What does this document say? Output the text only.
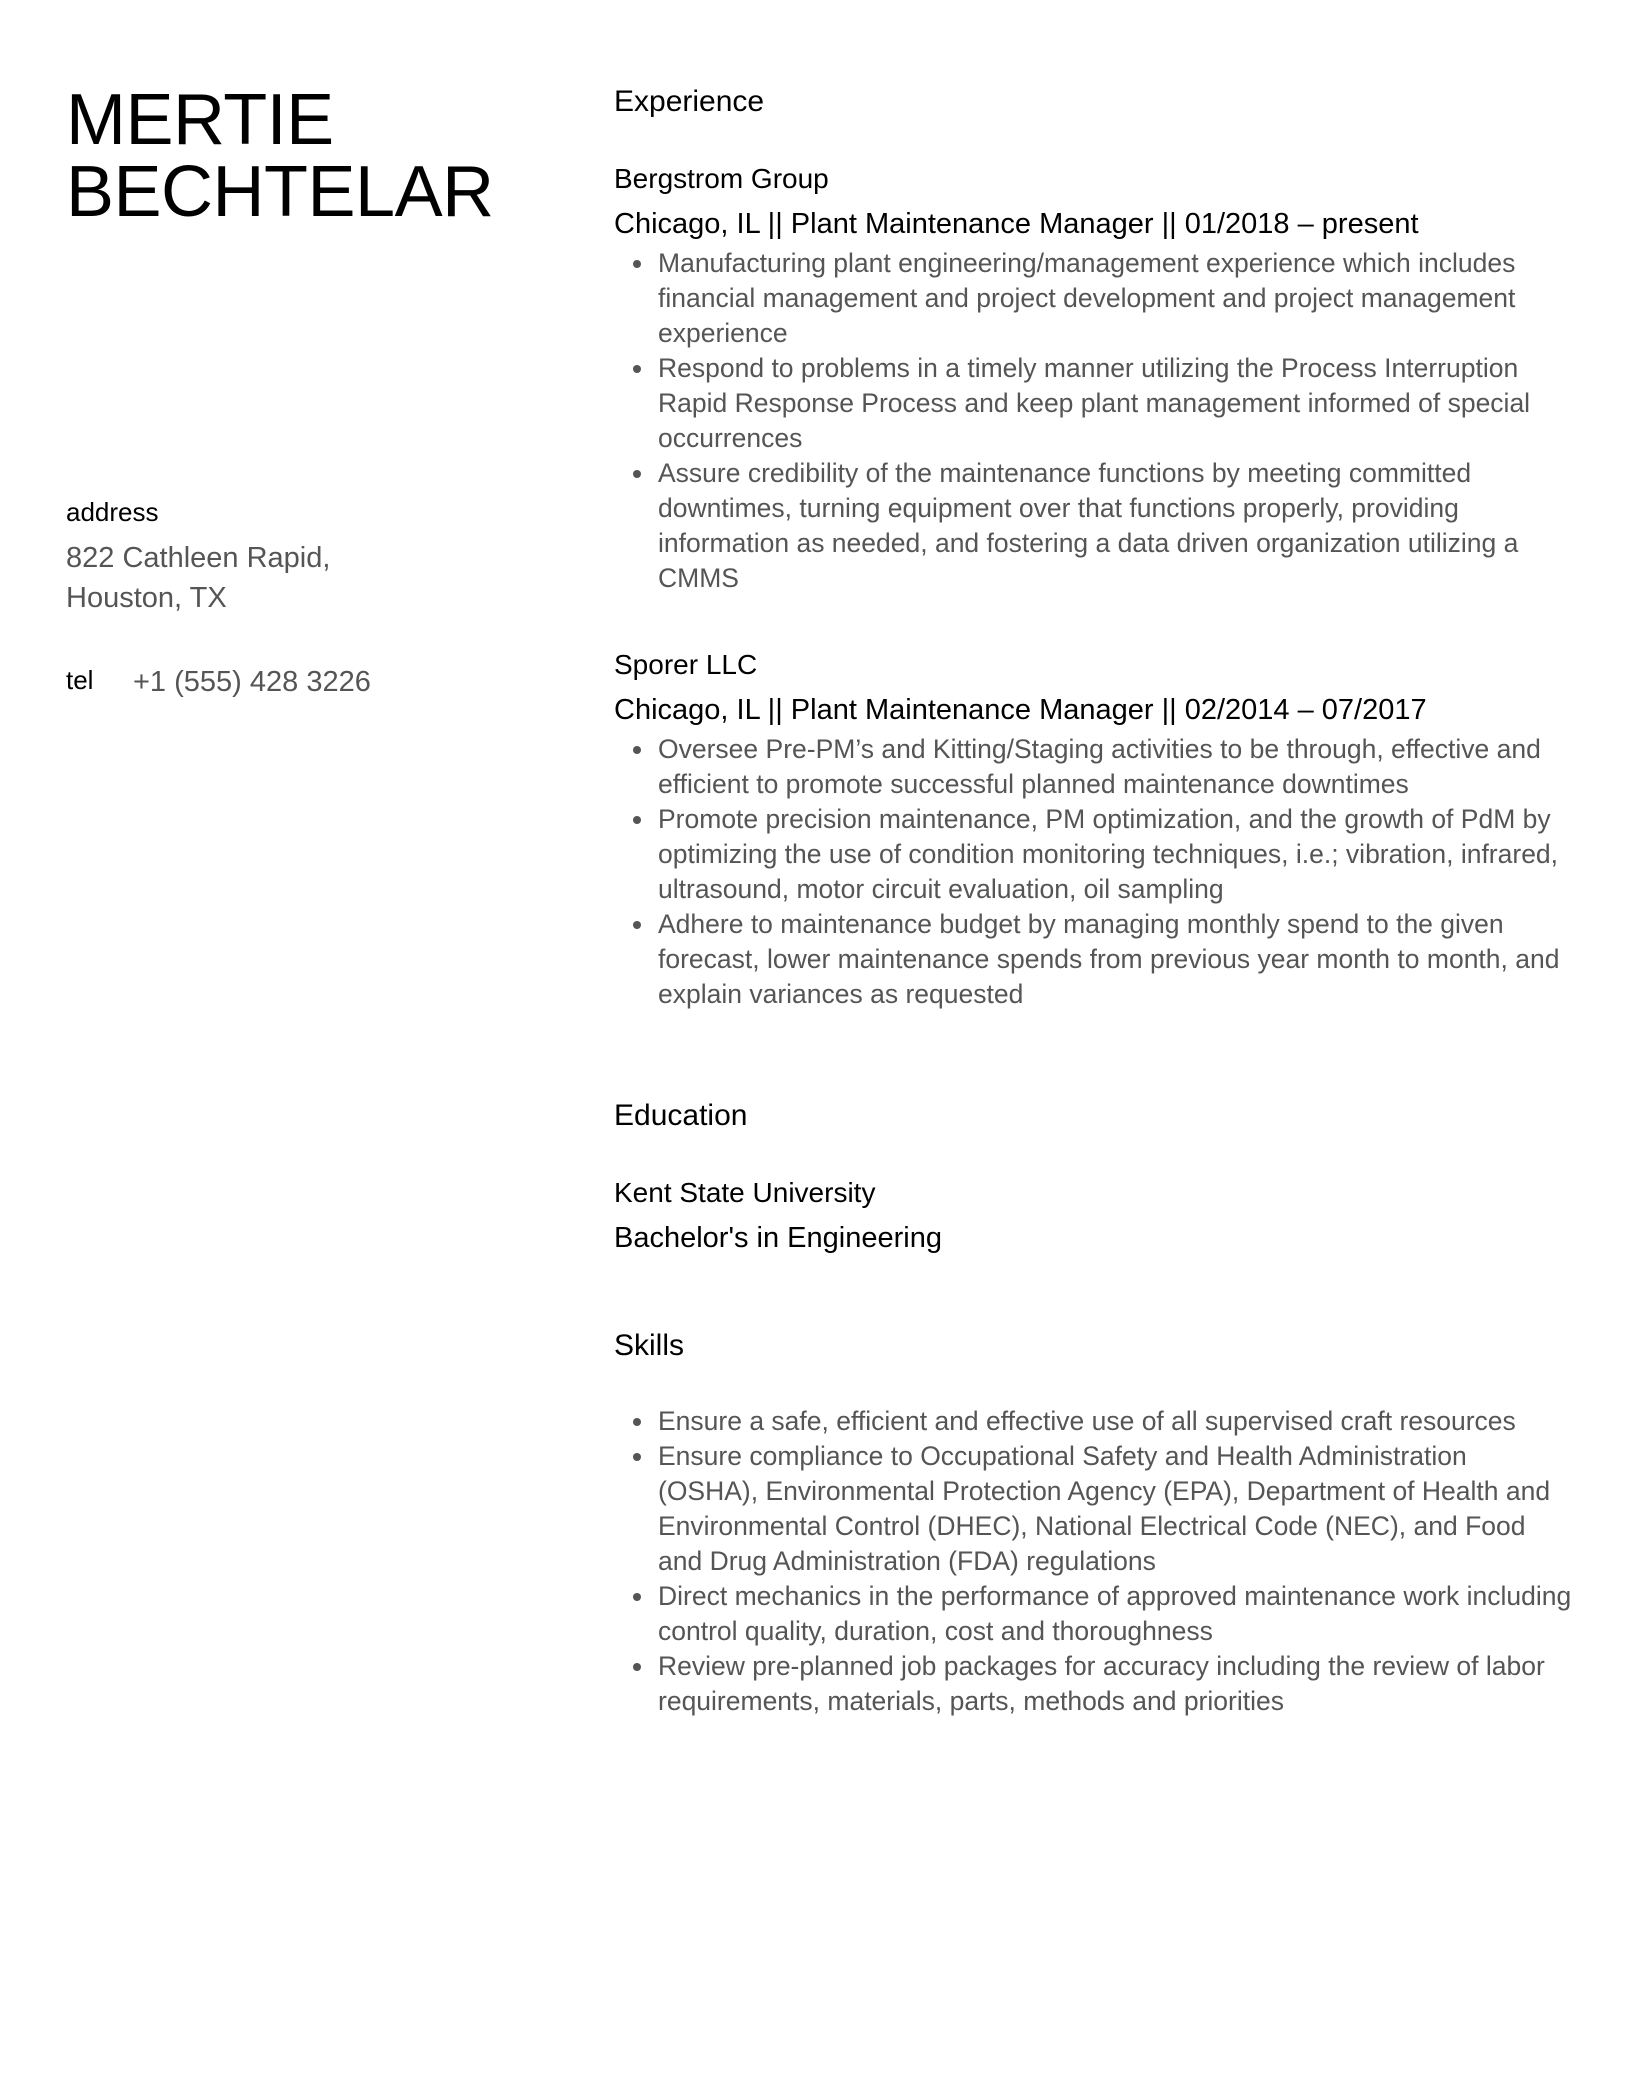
MERTIE
BECHTELAR
address
822 Cathleen Rapid,
Houston, TX
tel +1 (555) 428 3226
Experience
Bergstrom Group
Chicago, IL || Plant Maintenance Manager || 01/2018 – present
• Manufacturing plant engineering/management experience which includes financial management and project development and project management experience
• Respond to problems in a timely manner utilizing the Process Interruption Rapid Response Process and keep plant management informed of special occurrences
• Assure credibility of the maintenance functions by meeting committed downtimes, turning equipment over that functions properly, providing information as needed, and fostering a data driven organization utilizing a CMMS
Sporer LLC
Chicago, IL || Plant Maintenance Manager || 02/2014 – 07/2017
• Oversee Pre-PM’s and Kitting/Staging activities to be through, effective and efficient to promote successful planned maintenance downtimes
• Promote precision maintenance, PM optimization, and the growth of PdM by optimizing the use of condition monitoring techniques, i.e.; vibration, infrared, ultrasound, motor circuit evaluation, oil sampling
• Adhere to maintenance budget by managing monthly spend to the given forecast, lower maintenance spends from previous year month to month, and explain variances as requested
Education
Kent State University
Bachelor's in Engineering
Skills
• Ensure a safe, efficient and effective use of all supervised craft resources
• Ensure compliance to Occupational Safety and Health Administration (OSHA), Environmental Protection Agency (EPA), Department of Health and Environmental Control (DHEC), National Electrical Code (NEC), and Food and Drug Administration (FDA) regulations
• Direct mechanics in the performance of approved maintenance work including control quality, duration, cost and thoroughness
• Review pre-planned job packages for accuracy including the review of labor requirements, materials, parts, methods and priorities
